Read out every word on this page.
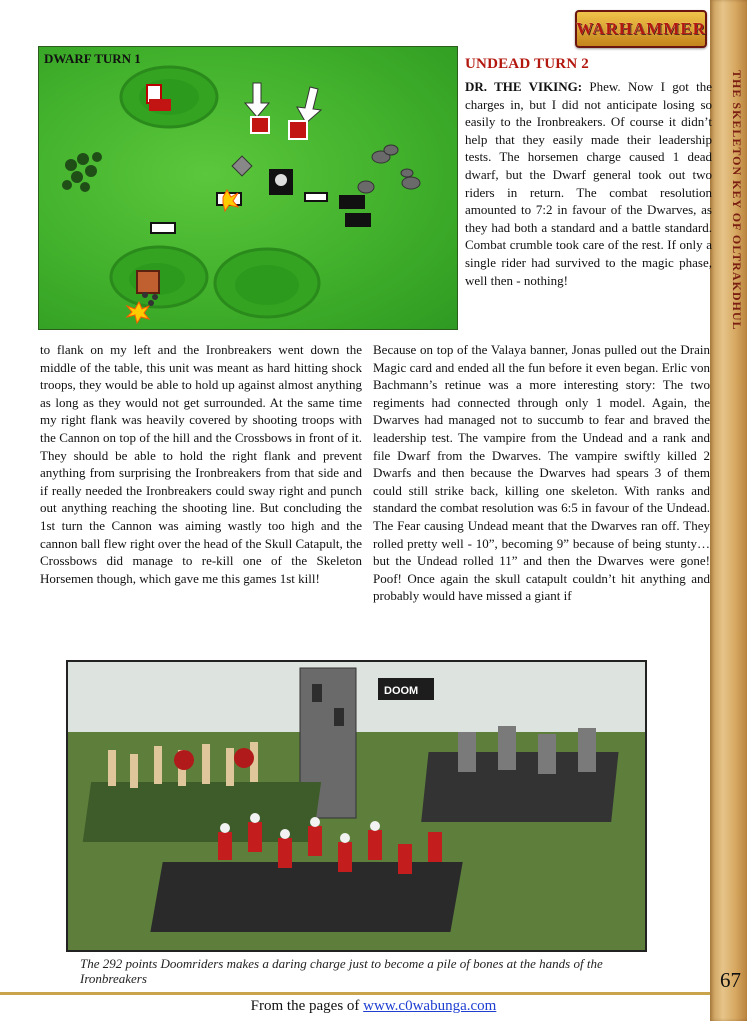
THE SKELETON KEY OF OLTRAKDHUL
WARHAMMER
67
DWARF TURN 1	UNDEAD TURN 2

DR. THE VIKING: Phew. Now I got the charges in, but I did not anticipate losing so easily to the Ironbreakers. Of course it didn’t help that they easily made their leadership tests. The horsemen charge caused 1 dead dwarf, but the Dwarf general took out two riders in return. The combat resolution amounted to 7:2 in favour of the Dwarves, as they had both a standard and a battle standard. Combat crumble took care of the rest. If only a single rider had survived to the magic phase, well then - nothing!

to flank on my left and the Ironbreakers went down the middle of the table, this unit was meant as hard hitting shock troops, they would be able to hold up against almost anything as long as they would not get surrounded. At the same time my right flank was heavily covered by shooting troops with the Cannon on top of the hill and the Crossbows in front of it. They should be able to hold the right flank and prevent anything from surprising the Ironbreakers from that side and if really needed the Ironbreakers could sway right and punch out anything reaching the shooting line. But concluding the 1st turn the Cannon was aiming wastly too high and the cannon ball flew right over the head of the Skull Catapult, the Crossbows did manage to re-kill one of the Skeleton Horsemen though, which gave me this games 1st kill!

Because on top of the Valaya banner, Jonas pulled out the Drain Magic card and ended all the fun before it even began. Erlic von Bachmann’s retinue was a more interesting story: The two regiments had connected through only 1 model. Again, the Dwarves had managed not to succumb to fear and braved the leadership test. The vampire from the Undead and a rank and file Dwarf from the Dwarves. The vampire swiftly killed 2 Dwarfs and then because the Dwarves had spears 3 of them could still strike back, killing one skeleton. With ranks and standard the combat resolution was 6:5 in favour of the Undead. The Fear causing Undead meant that the Dwarves ran off. They rolled pretty well - 10”, becoming 9” because of being stunty… but the Undead rolled 11” and then the Dwarves were gone! Poof! Once again the skull catapult couldn’t hit anything and probably would have missed a giant if

DOOM
The 292 points Doomriders makes a daring charge just to become a pile of bones at the hands of the Ironbreakers
From the pages of www.c0wabunga.com
